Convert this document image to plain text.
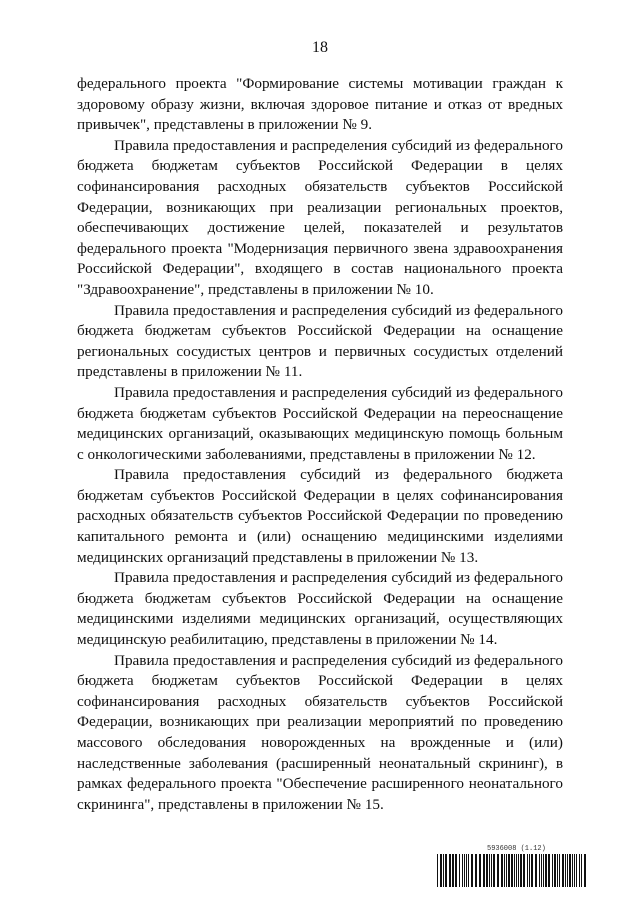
18

федерального проекта "Формирование системы мотивации граждан к здоровому образу жизни, включая здоровое питание и отказ от вредных привычек", представлены в приложении № 9.

Правила предоставления и распределения субсидий из федерального бюджета бюджетам субъектов Российской Федерации в целях софинансирования расходных обязательств субъектов Российской Федерации, возникающих при реализации региональных проектов, обеспечивающих достижение целей, показателей и результатов федерального проекта "Модернизация первичного звена здравоохранения Российской Федерации", входящего в состав национального проекта "Здравоохранение", представлены в приложении № 10.

Правила предоставления и распределения субсидий из федерального бюджета бюджетам субъектов Российской Федерации на оснащение региональных сосудистых центров и первичных сосудистых отделений представлены в приложении № 11.

Правила предоставления и распределения субсидий из федерального бюджета бюджетам субъектов Российской Федерации на переоснащение медицинских организаций, оказывающих медицинскую помощь больным с онкологическими заболеваниями, представлены в приложении № 12.

Правила предоставления субсидий из федерального бюджета бюджетам субъектов Российской Федерации в целях софинансирования расходных обязательств субъектов Российской Федерации по проведению капитального ремонта и (или) оснащению медицинскими изделиями медицинских организаций представлены в приложении № 13.

Правила предоставления и распределения субсидий из федерального бюджета бюджетам субъектов Российской Федерации на оснащение медицинскими изделиями медицинских организаций, осуществляющих медицинскую реабилитацию, представлены в приложении № 14.

Правила предоставления и распределения субсидий из федерального бюджета бюджетам субъектов Российской Федерации в целях софинансирования расходных обязательств субъектов Российской Федерации, возникающих при реализации мероприятий по проведению массового обследования новорожденных на врожденные и (или) наследственные заболевания (расширенный неонатальный скрининг), в рамках федерального проекта "Обеспечение расширенного неонатального скрининга", представлены в приложении № 15.

5936008 (1.12)
